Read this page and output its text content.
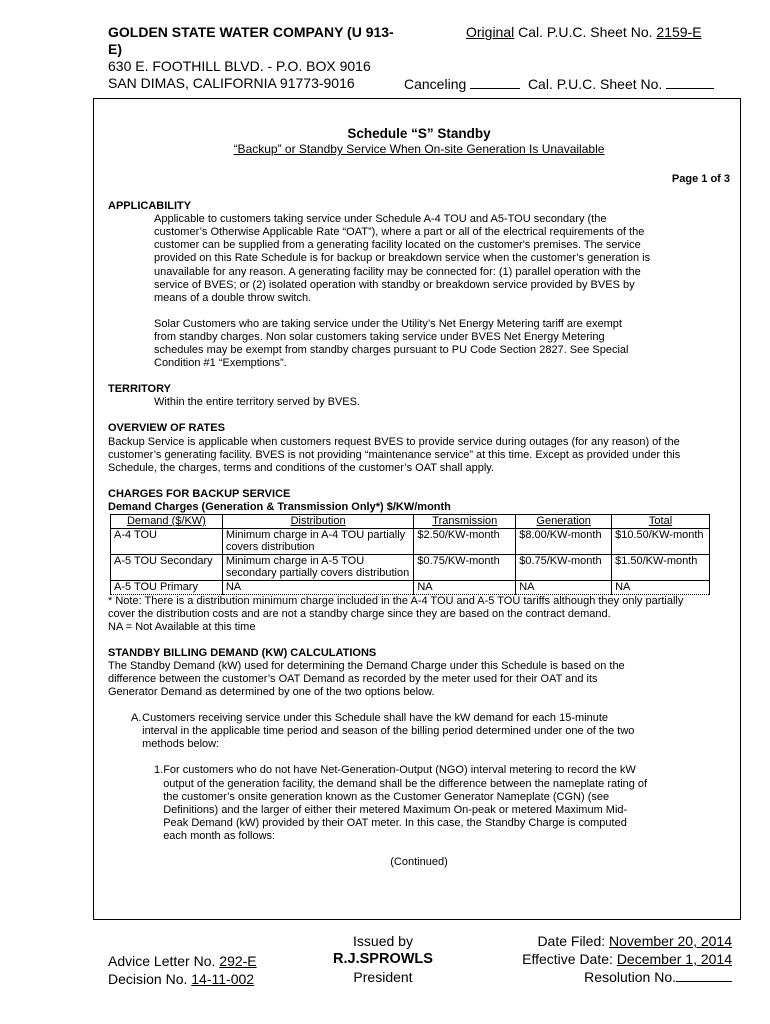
GOLDEN STATE WATER COMPANY (U 913-E)
Original Cal. P.U.C. Sheet No. 2159-E
630 E. FOOTHILL BLVD. - P.O. BOX 9016
SAN DIMAS, CALIFORNIA 91773-9016	Canceling	Cal. P.U.C. Sheet No.
Schedule “S” Standby
“Backup” or Standby Service When On-site Generation Is Unavailable
Page 1 of 3
APPLICABILITY

Applicable to customers taking service under Schedule A-4 TOU and A5-TOU secondary (the customer’s Otherwise Applicable Rate “OAT”), where a part or all of the electrical requirements of the customer can be supplied from a generating facility located on the customer's premises. The service provided on this Rate Schedule is for backup or breakdown service when the customer’s generation is unavailable for any reason. A generating facility may be connected for: (1) parallel operation with the service of BVES; or (2) isolated operation with standby or breakdown service provided by BVES by means of a double throw switch.

Solar Customers who are taking service under the Utility’s Net Energy Metering tariff are exempt from standby charges. Non solar customers taking service under BVES Net Energy Metering schedules may be exempt from standby charges pursuant to PU Code Section 2827. See Special Condition #1 “Exemptions”.

TERRITORY

Within the entire territory served by BVES.

OVERVIEW OF RATES

Backup Service is applicable when customers request BVES to provide service during outages (for any reason) of the customer’s generating facility. BVES is not providing “maintenance service” at this time. Except as provided under this Schedule, the charges, terms and conditions of the customer’s OAT shall apply.

CHARGES FOR BACKUP SERVICE
Demand Charges (Generation & Transmission Only*) $/KW/month
Demand ($/KW)	Distribution	Transmission	Generation	Total
A-4 TOU	Minimum charge in A-4 TOU partially covers distribution	$2.50/KW-month	$8.00/KW-month	$10.50/KW-month
A-5 TOU Secondary	Minimum charge in A-5 TOU secondary partially covers distribution	$0.75/KW-month	$0.75/KW-month	$1.50/KW-month
A-5 TOU Primary	NA	NA	NA	NA

* Note: There is a distribution minimum charge included in the A-4 TOU and A-5 TOU tariffs although they only partially cover the distribution costs and are not a standby charge since they are based on the contract demand.

NA = Not Available at this time

STANDBY BILLING DEMAND (KW) CALCULATIONS

The Standby Demand (kW) used for determining the Demand Charge under this Schedule is based on the difference between the customer’s OAT Demand as recorded by the meter used for their OAT and its Generator Demand as determined by one of the two options below.

A. Customers receiving service under this Schedule shall have the kW demand for each 15-minute interval in the applicable time period and season of the billing period determined under one of the two methods below:
1. For customers who do not have Net-Generation-Output (NGO) interval metering to record the kW output of the generation facility, the demand shall be the difference between the nameplate rating of the customer’s onsite generation known as the Customer Generator Nameplate (CGN) (see Definitions) and the larger of either their metered Maximum On-peak or metered Maximum Mid-Peak Demand (kW) provided by their OAT meter. In this case, the Standby Charge is computed each month as follows:
(Continued)
Advice Letter No. 292-E
Decision No. 14-11-002
Issued by
R.J.SPROWLS
President
Date Filed: November 20, 2014
Effective Date: December 1, 2014
Resolution No.
